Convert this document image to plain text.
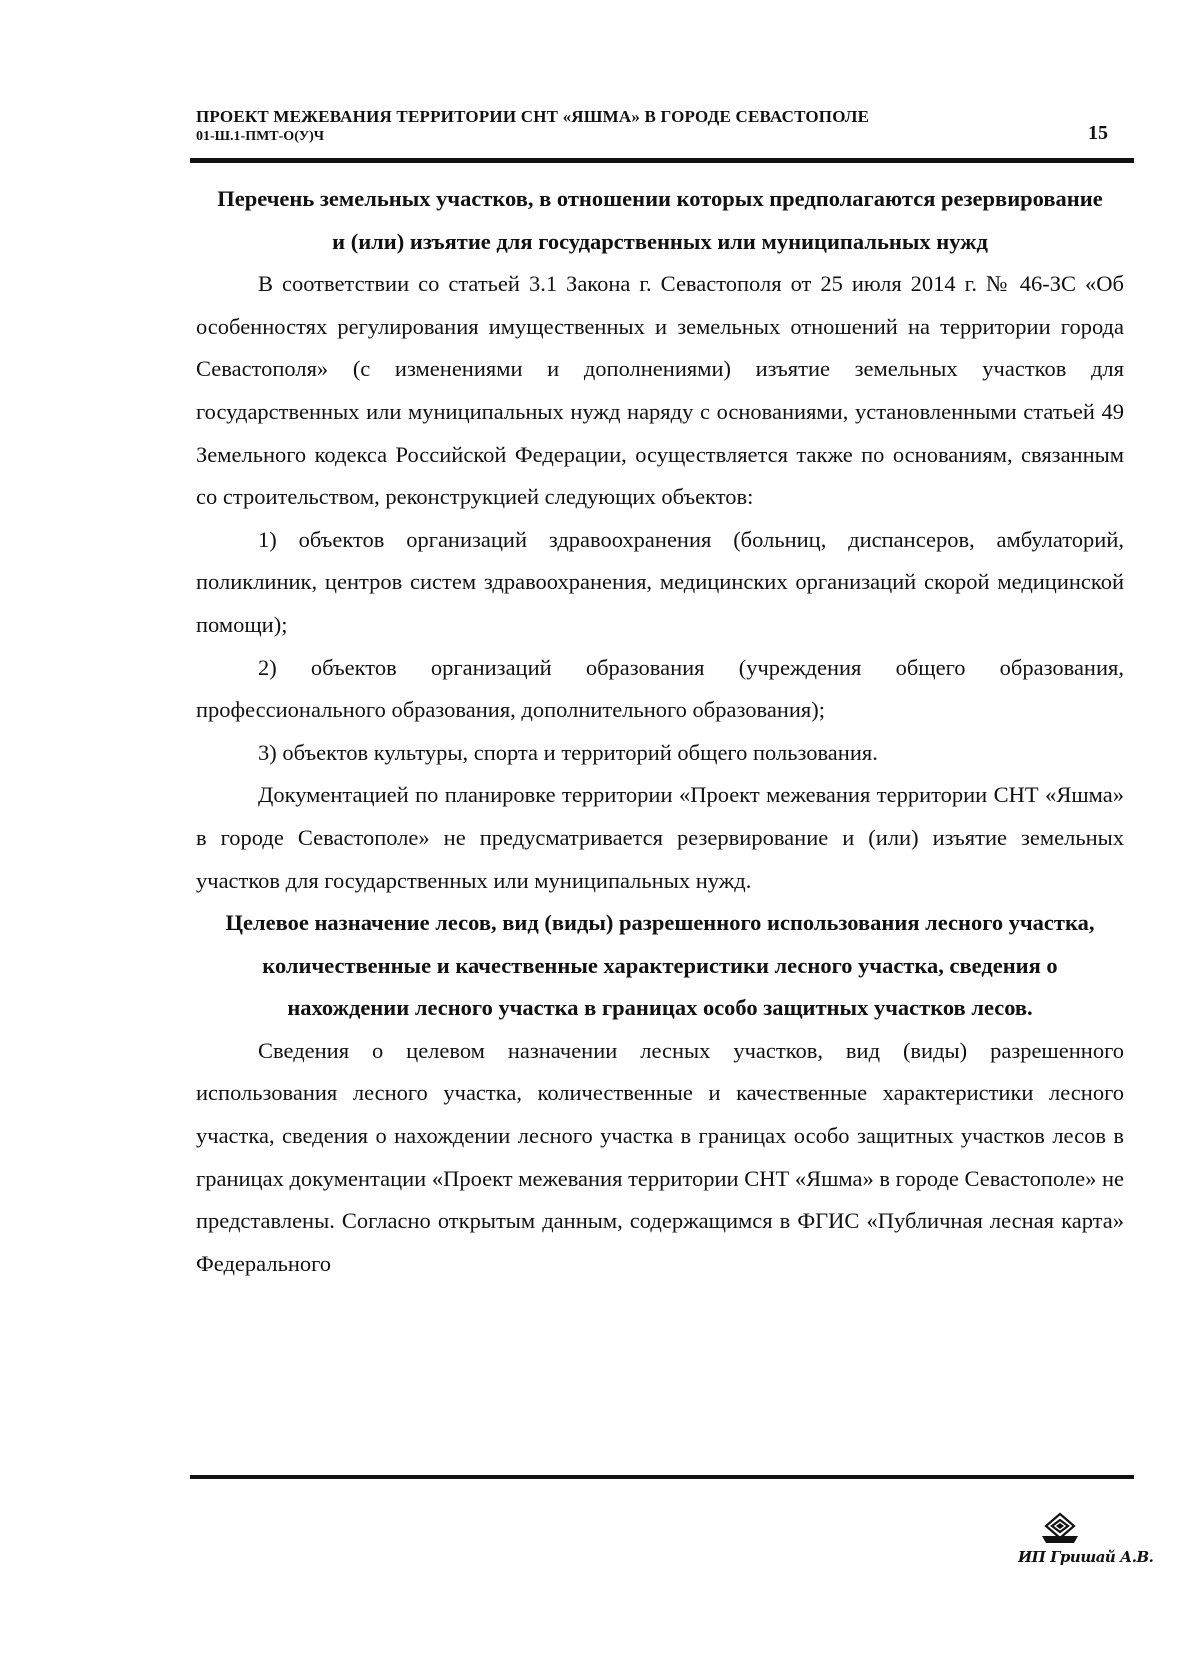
ПРОЕКТ МЕЖЕВАНИЯ ТЕРРИТОРИИ СНТ «ЯШМА» В ГОРОДЕ СЕВАСТОПОЛЕ
01-Ш.1-ПМТ-О(У)Ч	15

Перечень земельных участков, в отношении которых предполагаются резервирование и (или) изъятие для государственных или муниципальных нужд

В соответствии со статьей 3.1 Закона г. Севастополя от 25 июля 2014 г. № 46-ЗС «Об особенностях регулирования имущественных и земельных отношений на территории города Севастополя» (с изменениями и дополнениями) изъятие земельных участков для государственных или муниципальных нужд наряду с основаниями, установленными статьей 49 Земельного кодекса Российской Федерации, осуществляется также по основаниям, связанным со строительством, реконструкцией следующих объектов:

1) объектов организаций здравоохранения (больниц, диспансеров, амбулаторий, поликлиник, центров систем здравоохранения, медицинских организаций скорой медицинской помощи);

2) объектов организаций образования (учреждения общего образования, профессионального образования, дополнительного образования);

3) объектов культуры, спорта и территорий общего пользования.

Документацией по планировке территории «Проект межевания территории СНТ «Яшма» в городе Севастополе» не предусматривается резервирование и (или) изъятие земельных участков для государственных или муниципальных нужд.

Целевое назначение лесов, вид (виды) разрешенного использования лесного участка, количественные и качественные характеристики лесного участка, сведения о нахождении лесного участка в границах особо защитных участков лесов.

Сведения о целевом назначении лесных участков, вид (виды) разрешенного использования лесного участка, количественные и качественные характеристики лесного участка, сведения о нахождении лесного участка в границах особо защитных участков лесов в границах документации «Проект межевания территории СНТ «Яшма» в городе Севастополе» не представлены. Согласно открытым данным, содержащимся в ФГИС «Публичная лесная карта» Федерального

ИП Гришай А.В.
